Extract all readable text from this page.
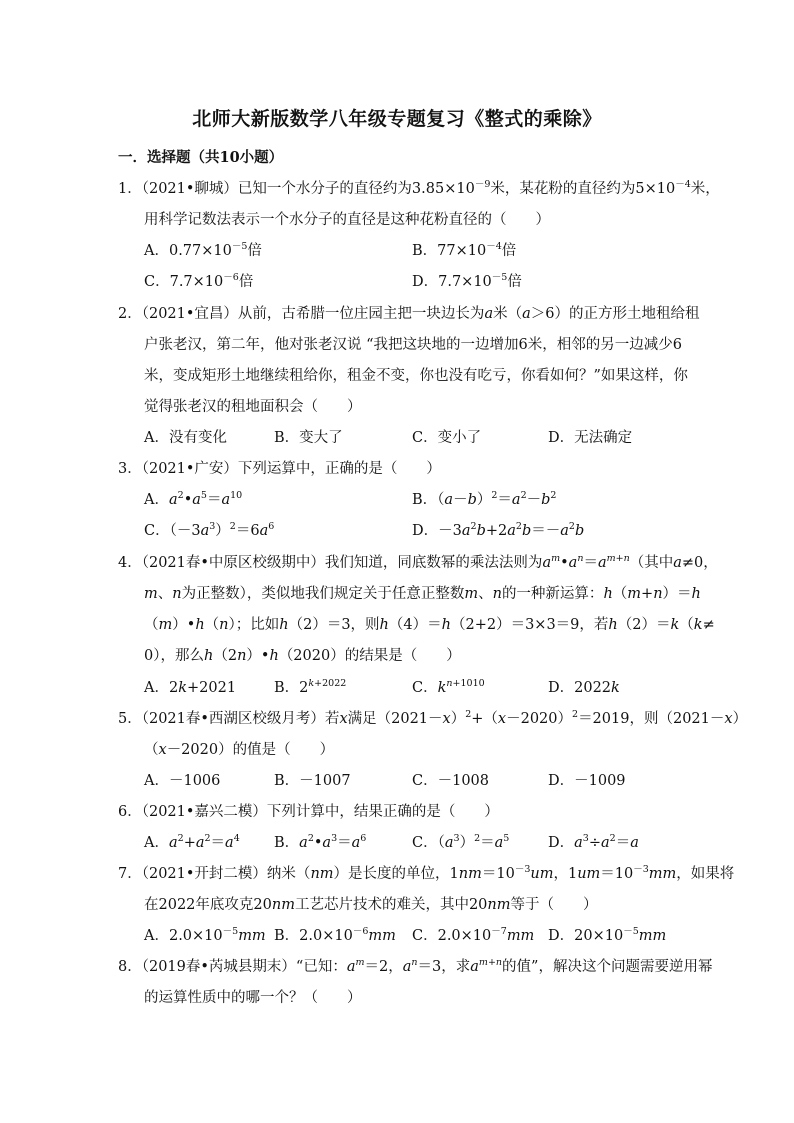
北师大新版数学八年级专题复习《整式的乘除》
一．选择题（共10小题）
1．（2021•聊城）已知一个水分子的直径约为$3.85\times 10^{-9}$米，某花粉的直径约为$5\times 10^{-4}$米，
用科学记数法表示一个水分子的直径是这种花粉直径的（　　）
A．$0.77\times 10^{-5}$倍	B．$77\times 10^{-4}$倍
C．$7.7\times 10^{-6}$倍	D．$7.7\times 10^{-5}$倍
2．（2021•宜昌）从前，古希腊一位庄园主把一块边长为a米（a＞6）的正方形土地租给租
户张老汉，第二年，他对张老汉说 “我把这块地的一边增加6米，相邻的另一边减少6
米，变成矩形土地继续租给你，租金不变，你也没有吃亏，你看如何？”如果这样，你
觉得张老汉的租地面积会（　　）
A．没有变化	B．变大了	C．变小了	D．无法确定
3．（2021•广安）下列运算中，正确的是（　　）
A．$a^2•a^5=a^{10}$	B．$(a-b)^2=a^2-b^2$
C．$(-3a^3)^2=6a^6$	D．$-3a^2b+2a^2b=-a^2b$
4．（2021春•中原区校级期中）我们知道，同底数幂的乘法法则为$a^m•a^n=a^{m+n}$（其中a≠0，
m、n为正整数），类似地我们规定关于任意正整数m、n的一种新运算：h（m+n）＝h
（m）•h（n）；比如h（2）＝3，则h（4）＝h（2+2）＝3×3＝9，若h（2）＝k（k≠
0），那么h（2n）•h（2020）的结果是（　　）
A．2k+2021	B．$2^{k+2022}$	C．$k^{n+1010}$	D．2022k
5．（2021春•西湖区校级月考）若x满足$(2021-x)^2+(x-2020)^2=2019$，则（2021－x）
（x－2020）的值是（　　）
A．－1006	B．－1007	C．－1008	D．－1009
6．（2021•嘉兴二模）下列计算中，结果正确的是（　　）
A．$a^2+a^2=a^4$ B．$a^2•a^3=a^6$	C．$(a^3)^2=a^5$	D．$a^3\div a^2=a$
7．（2021•开封二模）纳米（nm）是长度的单位，$1nm=10^{-3}um$，$1um=10^{-3}mm$，如果将
在2022年底攻克20nm工艺芯片技术的难关，其中20nm等于（　　）
A．$2.0\times 10^{-5}mm$ B．$2.0\times 10^{-6}mm$ C．$2.0\times 10^{-7}mm$ D．$20\times 10^{-5}mm$
8．（2019春•芮城县期末）“已知：$a^m=2$，$a^n=3$，求$a^{m+n}$的值”，解决这个问题需要逆用幂
的运算性质中的哪一个？（　　）
